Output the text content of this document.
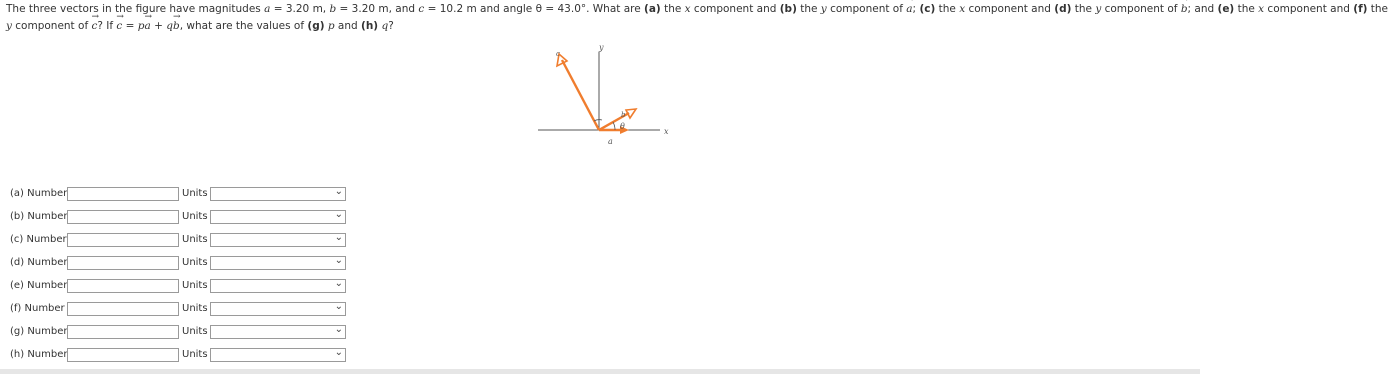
The three vectors in the figure have magnitudes a = 3.20 m, b = 3.20 m, and c = 10.2 m and angle θ = 43.0°. What are (a) the x component and (b) the y component of → a; (c) the x component and (d) the y component of → b; and (e) the x component and (f) the
y component of → c? If → c = p→ a + q→ b, what are the values of (g) p and (h) q?
y
x
c
a
b
θ
(a) Number	Units	⌄
(b) Number	Units	⌄
(c) Number	Units	⌄
(d) Number	Units	⌄
(e) Number	Units	⌄
(f) Number	Units	⌄
(g) Number	Units	⌄
(h) Number	Units	⌄
